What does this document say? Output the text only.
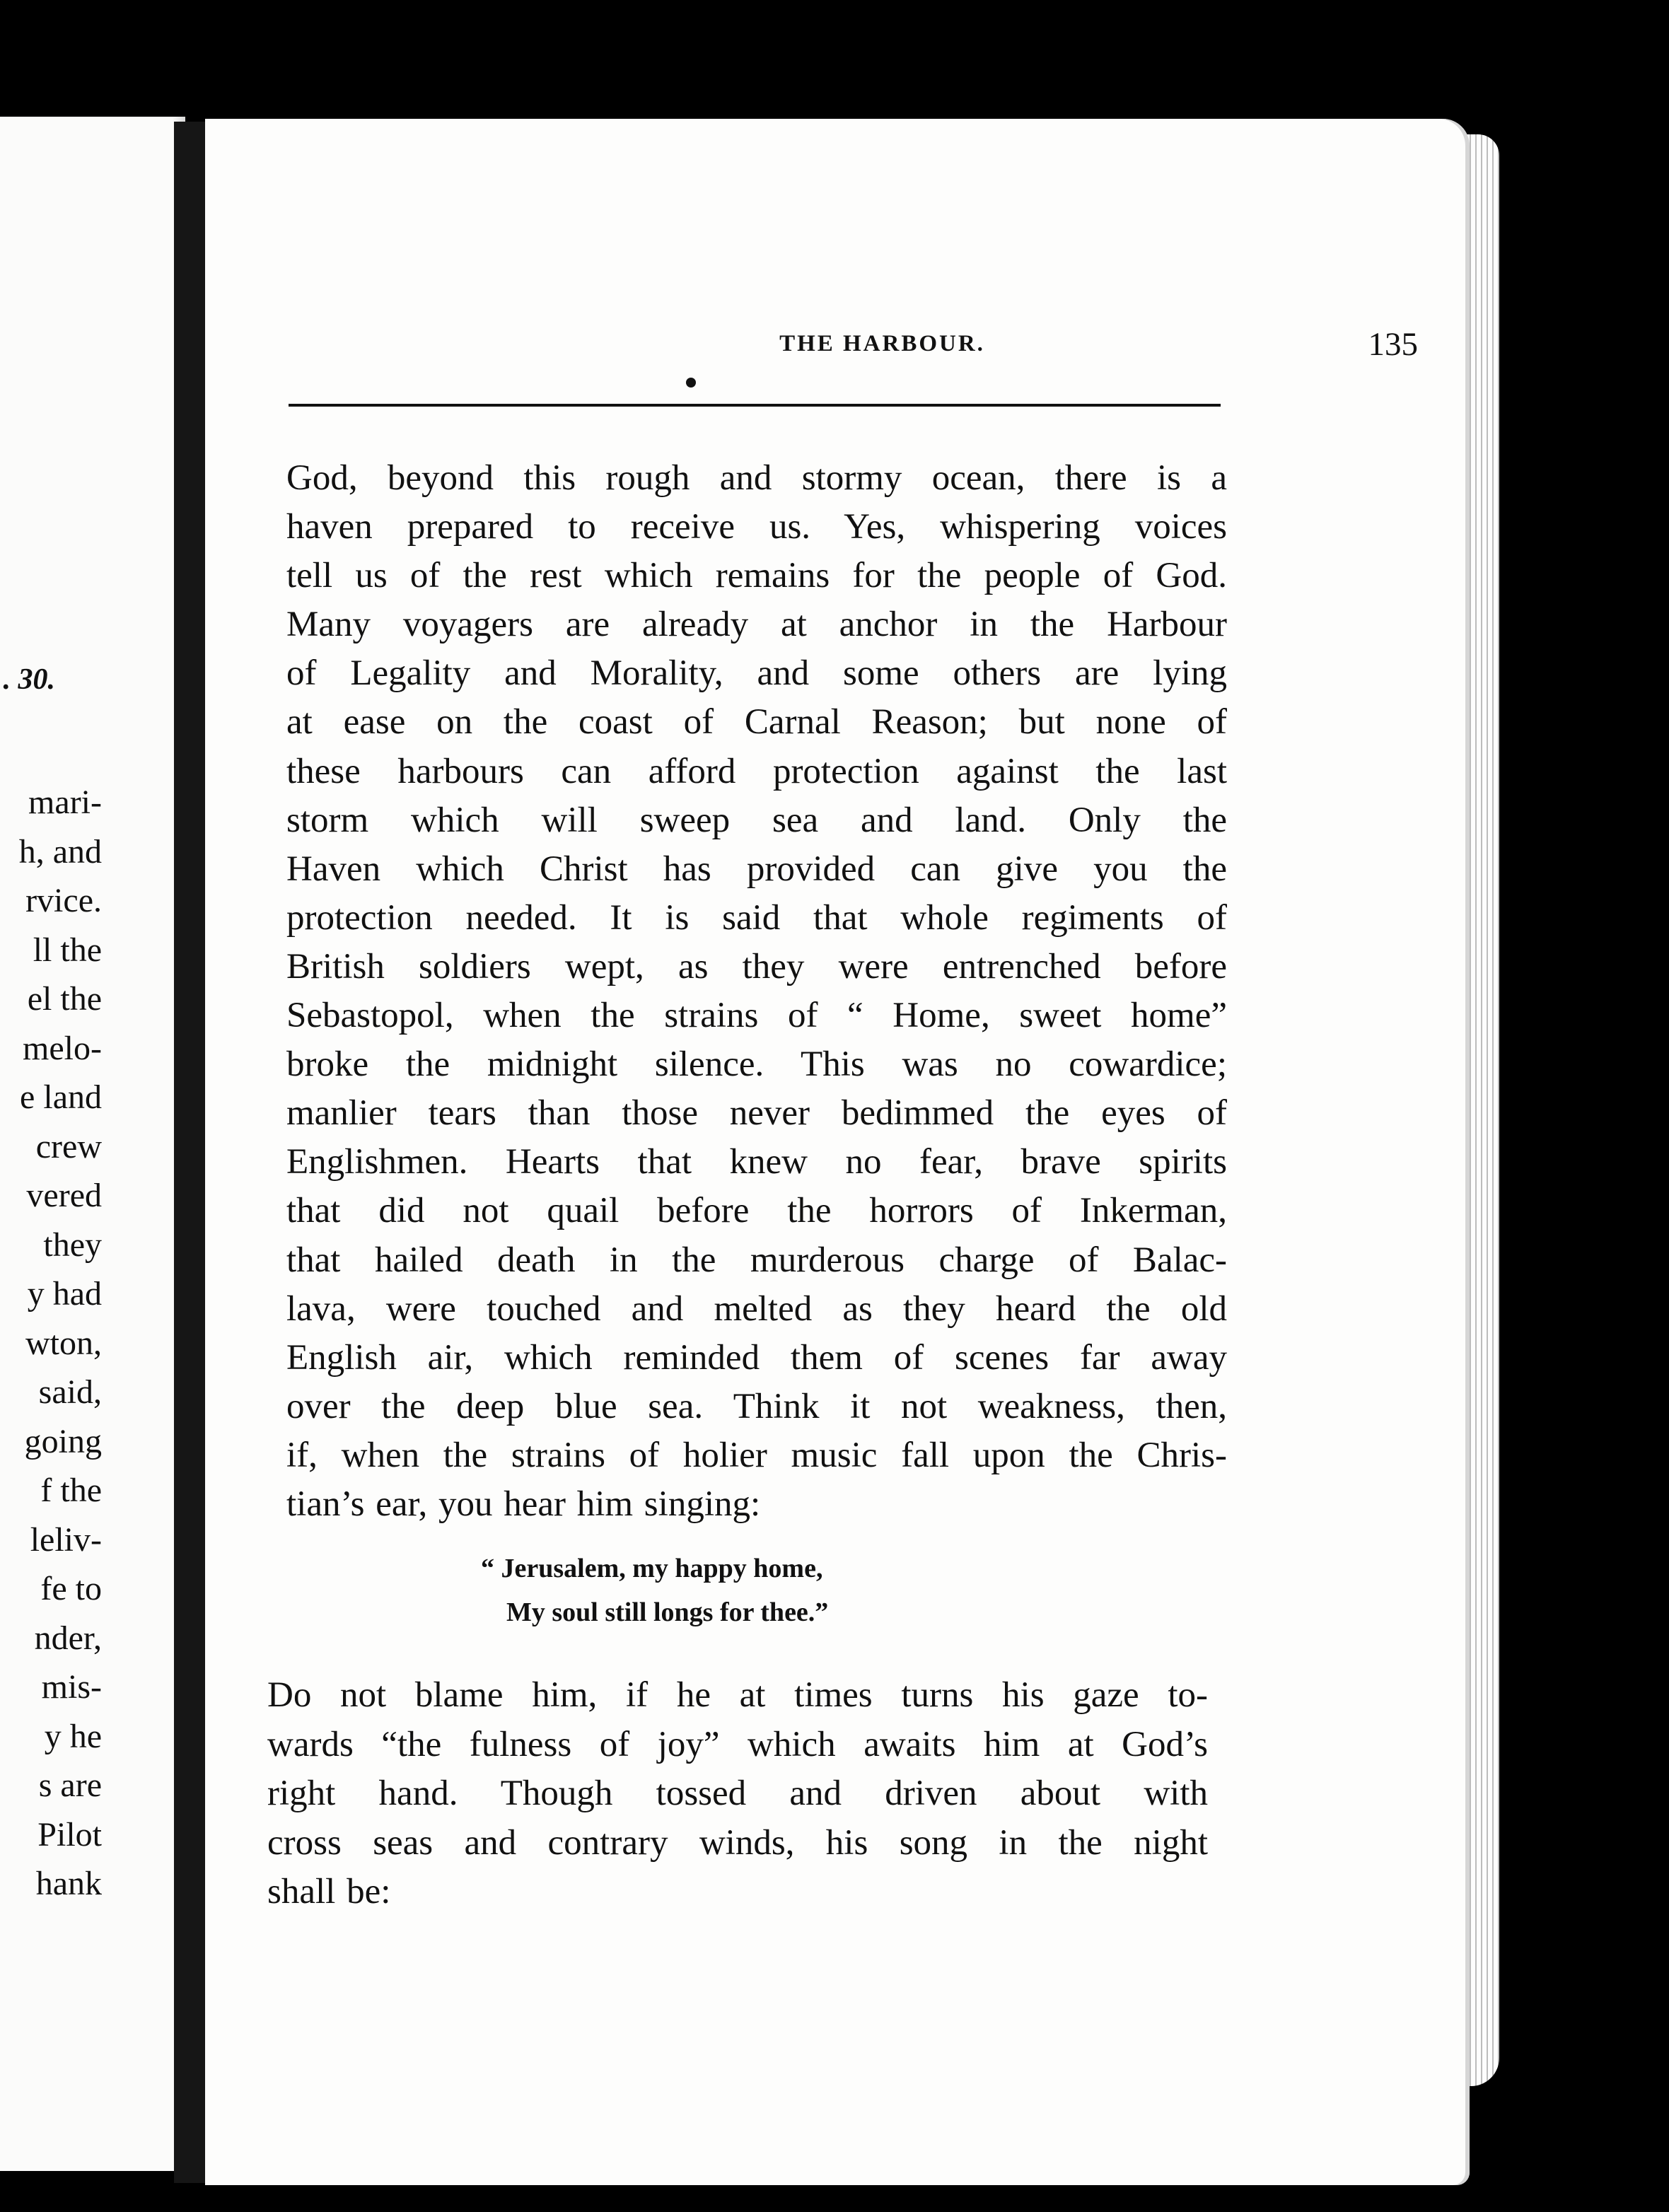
. 30.
mari-
h, and
rvice.
ll the
el the
melo-
e land
crew
vered
they
y had
wton,
said,
going
f the
leliv-
fe to
nder,
mis-
y he
s are
Pilot
hank
THE HARBOUR.	135
God, beyond this rough and stormy ocean, there is a
haven prepared to receive us. Yes, whispering voices
tell us of the rest which remains for the people of God.
Many voyagers are already at anchor in the Harbour
of Legality and Morality, and some others are lying
at ease on the coast of Carnal Reason; but none of
these harbours can afford protection against the last
storm which will sweep sea and land. Only the
Haven which Christ has provided can give you the
protection needed. It is said that whole regiments of
British soldiers wept, as they were entrenched before
Sebastopol, when the strains of “ Home, sweet home”
broke the midnight silence. This was no cowardice;
manlier tears than those never bedimmed the eyes of
Englishmen. Hearts that knew no fear, brave spirits
that did not quail before the horrors of Inkerman,
that hailed death in the murderous charge of Balac-
lava, were touched and melted as they heard the old
English air, which reminded them of scenes far away
over the deep blue sea. Think it not weakness, then,
if, when the strains of holier music fall upon the Chris-
tian’s ear, you hear him singing:
“ Jerusalem, my happy home,
My soul still longs for thee.”
Do not blame him, if he at times turns his gaze to-
wards “the fulness of joy” which awaits him at God’s
right hand. Though tossed and driven about with
cross seas and contrary winds, his song in the night
shall be:
